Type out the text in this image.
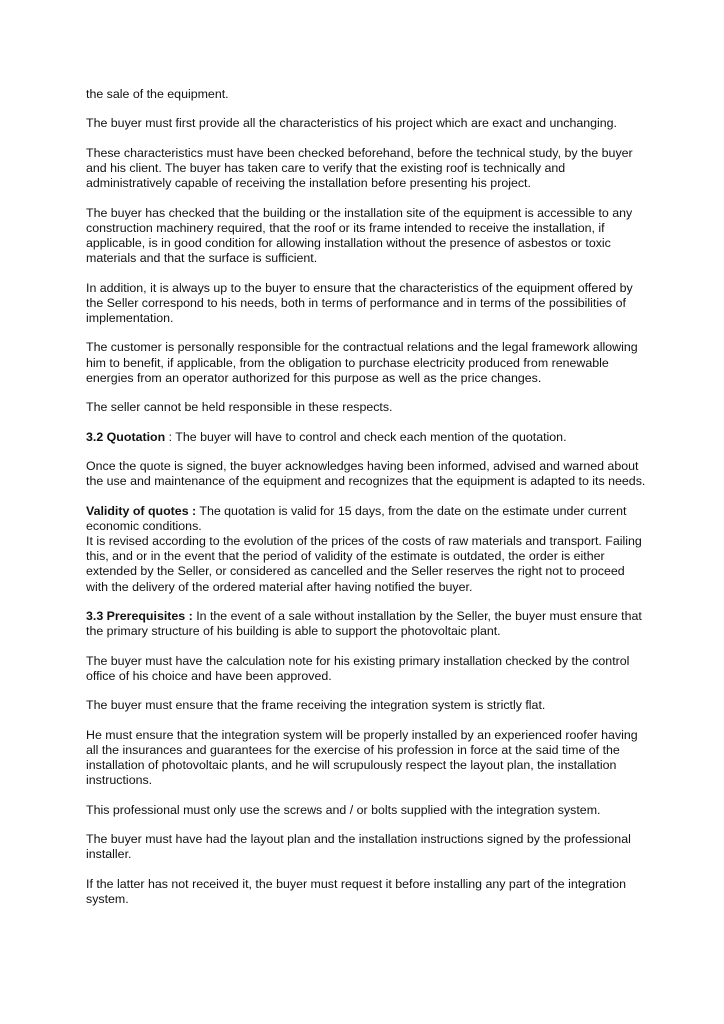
the sale of the equipment.

The buyer must first provide all the characteristics of his project which are exact and unchanging.

These characteristics must have been checked beforehand, before the technical study, by the buyer and his client. The buyer has taken care to verify that the existing roof is technically and administratively capable of receiving the installation before presenting his project.

The buyer has checked that the building or the installation site of the equipment is accessible to any construction machinery required, that the roof or its frame intended to receive the installation, if applicable, is in good condition for allowing installation without the presence of asbestos or toxic materials and that the surface is sufficient.

In addition, it is always up to the buyer to ensure that the characteristics of the equipment offered by the Seller correspond to his needs, both in terms of performance and in terms of the possibilities of implementation.

The customer is personally responsible for the contractual relations and the legal framework allowing him to benefit, if applicable, from the obligation to purchase electricity produced from renewable energies from an operator authorized for this purpose as well as the price changes.

The seller cannot be held responsible in these respects.

3.2 Quotation : The buyer will have to control and check each mention of the quotation.

Once the quote is signed, the buyer acknowledges having been informed, advised and warned about the use and maintenance of the equipment and recognizes that the equipment is adapted to its needs.

Validity of quotes : The quotation is valid for 15 days, from the date on the estimate under current economic conditions.

It is revised according to the evolution of the prices of the costs of raw materials and transport. Failing this, and or in the event that the period of validity of the estimate is outdated, the order is either extended by the Seller, or considered as cancelled and the Seller reserves the right not to proceed with the delivery of the ordered material after having notified the buyer.

3.3 Prerequisites : In the event of a sale without installation by the Seller, the buyer must ensure that the primary structure of his building is able to support the photovoltaic plant.

The buyer must have the calculation note for his existing primary installation checked by the control office of his choice and have been approved.

The buyer must ensure that the frame receiving the integration system is strictly flat.

He must ensure that the integration system will be properly installed by an experienced roofer having all the insurances and guarantees for the exercise of his profession in force at the said time of the installation of photovoltaic plants, and he will scrupulously respect the layout plan, the installation instructions.

This professional must only use the screws and / or bolts supplied with the integration system.

The buyer must have had the layout plan and the installation instructions signed by the professional installer.

If the latter has not received it, the buyer must request it before installing any part of the integration system.
